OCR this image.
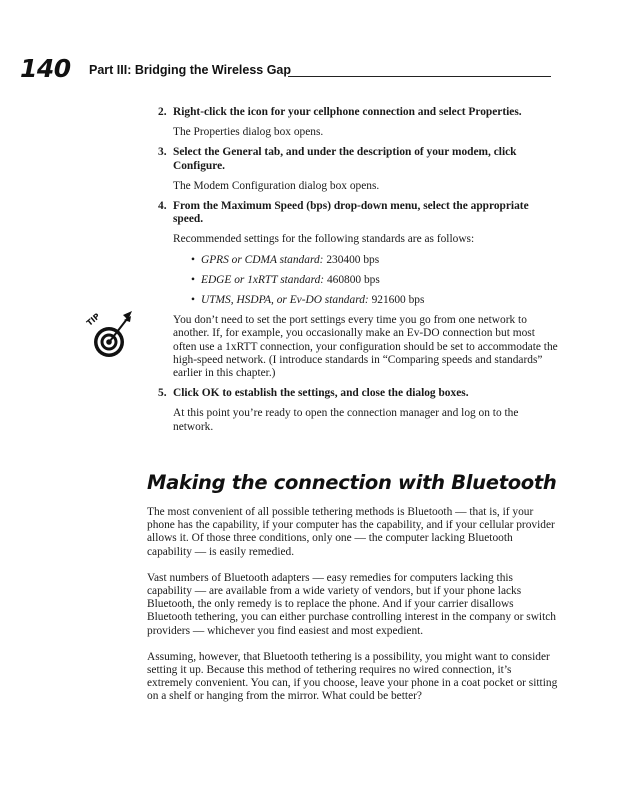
140 Part III: Bridging the Wireless Gap
2. Right-click the icon for your cellphone connection and select Properties.

The Properties dialog box opens.

3. Select the General tab, and under the description of your modem, click Configure.

The Modem Configuration dialog box opens.

4. From the Maximum Speed (bps) drop-down menu, select the appropriate speed.

Recommended settings for the following standards are as follows:

• GPRS or CDMA standard: 230400 bps
• EDGE or 1xRTT standard: 460800 bps
• UTMS, HSDPA, or Ev-DO standard: 921600 bps
TIP	You don’t need to set the port settings every time you go from one network to another. If, for example, you occasionally make an Ev-DO connection but most often use a 1xRTT connection, your configuration should be set to accommodate the high-speed network. (I introduce standards in “Comparing speeds and standards” earlier in this chapter.)

5. Click OK to establish the settings, and close the dialog boxes.

At this point you’re ready to open the connection manager and log on to the network.

Making the connection with Bluetooth

The most convenient of all possible tethering methods is Bluetooth — that is, if your phone has the capability, if your computer has the capability, and if your cellular provider allows it. Of those three conditions, only one — the computer lacking Bluetooth capability — is easily remedied.

Vast numbers of Bluetooth adapters — easy remedies for computers lacking this capability — are available from a wide variety of vendors, but if your phone lacks Bluetooth, the only remedy is to replace the phone. And if your carrier disallows Bluetooth tethering, you can either purchase controlling interest in the company or switch providers — whichever you find easiest and most expedient.

Assuming, however, that Bluetooth tethering is a possibility, you might want to consider setting it up. Because this method of tethering requires no wired connection, it’s extremely convenient. You can, if you choose, leave your phone in a coat pocket or sitting on a shelf or hanging from the mirror. What could be better?
